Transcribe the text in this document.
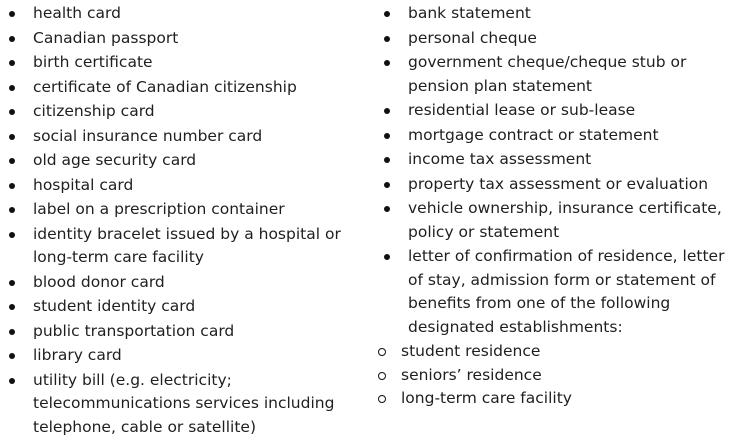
health card
Canadian passport
birth certificate
certificate of Canadian citizenship
citizenship card
social insurance number card
old age security card
hospital card
label on a prescription container
identity bracelet issued by a hospital or long-term care facility
blood donor card
student identity card
public transportation card
library card
utility bill (e.g. electricity; telecommunications services including telephone, cable or satellite)
bank statement
personal cheque
government cheque/cheque stub or pension plan statement
residential lease or sub-lease
mortgage contract or statement
income tax assessment
property tax assessment or evaluation
vehicle ownership, insurance certificate, policy or statement
letter of confirmation of residence, letter of stay, admission form or statement of benefits from one of the following designated establishments:
student residence
seniors’ residence
long-term care facility
